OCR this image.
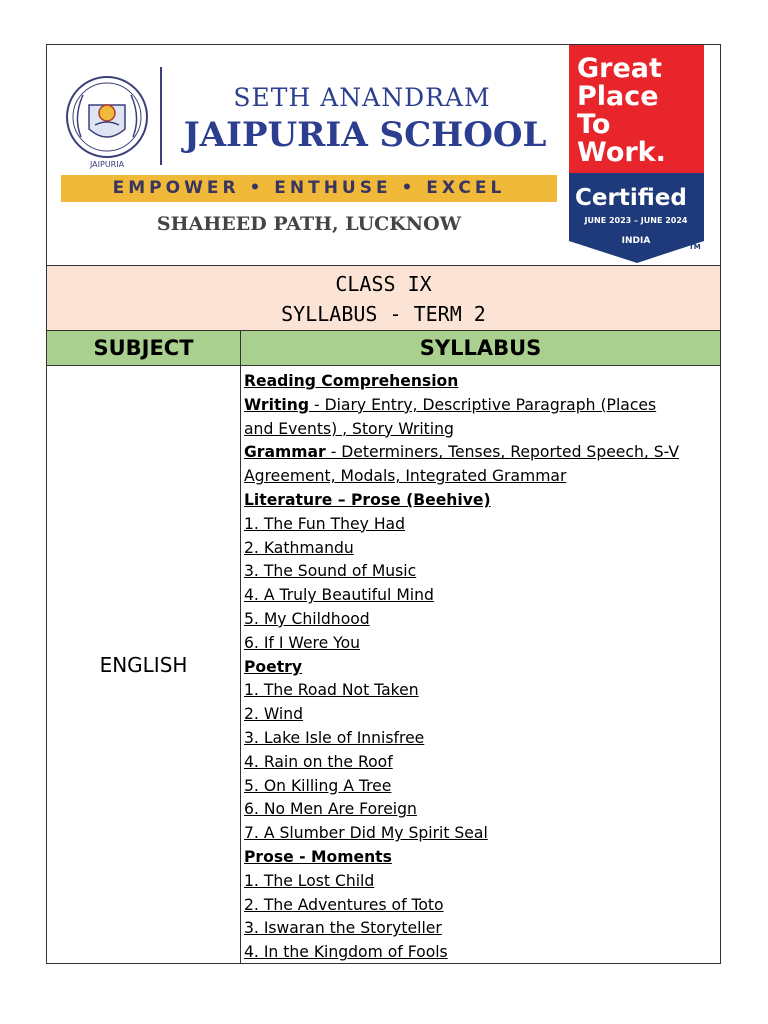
JAIPURIA
SETH ANANDRAM
JAIPURIA SCHOOL
EMPOWER • ENTHUSE • EXCEL
SHAHEED PATH, LUCKNOW
Great
Place
To
Work.
Certified
JUNE 2023 – JUNE 2024
INDIA
TM
CLASS IX
SYLLABUS - TERM 2
SUBJECT	SYLLABUS
ENGLISH
Reading Comprehension
Writing - Diary Entry, Descriptive Paragraph (Places
and Events) , Story Writing
Grammar - Determiners, Tenses, Reported Speech, S-V
Agreement, Modals, Integrated Grammar
Literature – Prose (Beehive)
1. The Fun They Had
2. Kathmandu
3. The Sound of Music
4. A Truly Beautiful Mind
5. My Childhood
6. If I Were You
Poetry
1. The Road Not Taken
2. Wind
3. Lake Isle of Innisfree
4. Rain on the Roof
5. On Killing A Tree
6. No Men Are Foreign
7. A Slumber Did My Spirit Seal
Prose - Moments
1. The Lost Child
2. The Adventures of Toto
3. Iswaran the Storyteller
4. In the Kingdom of Fools
